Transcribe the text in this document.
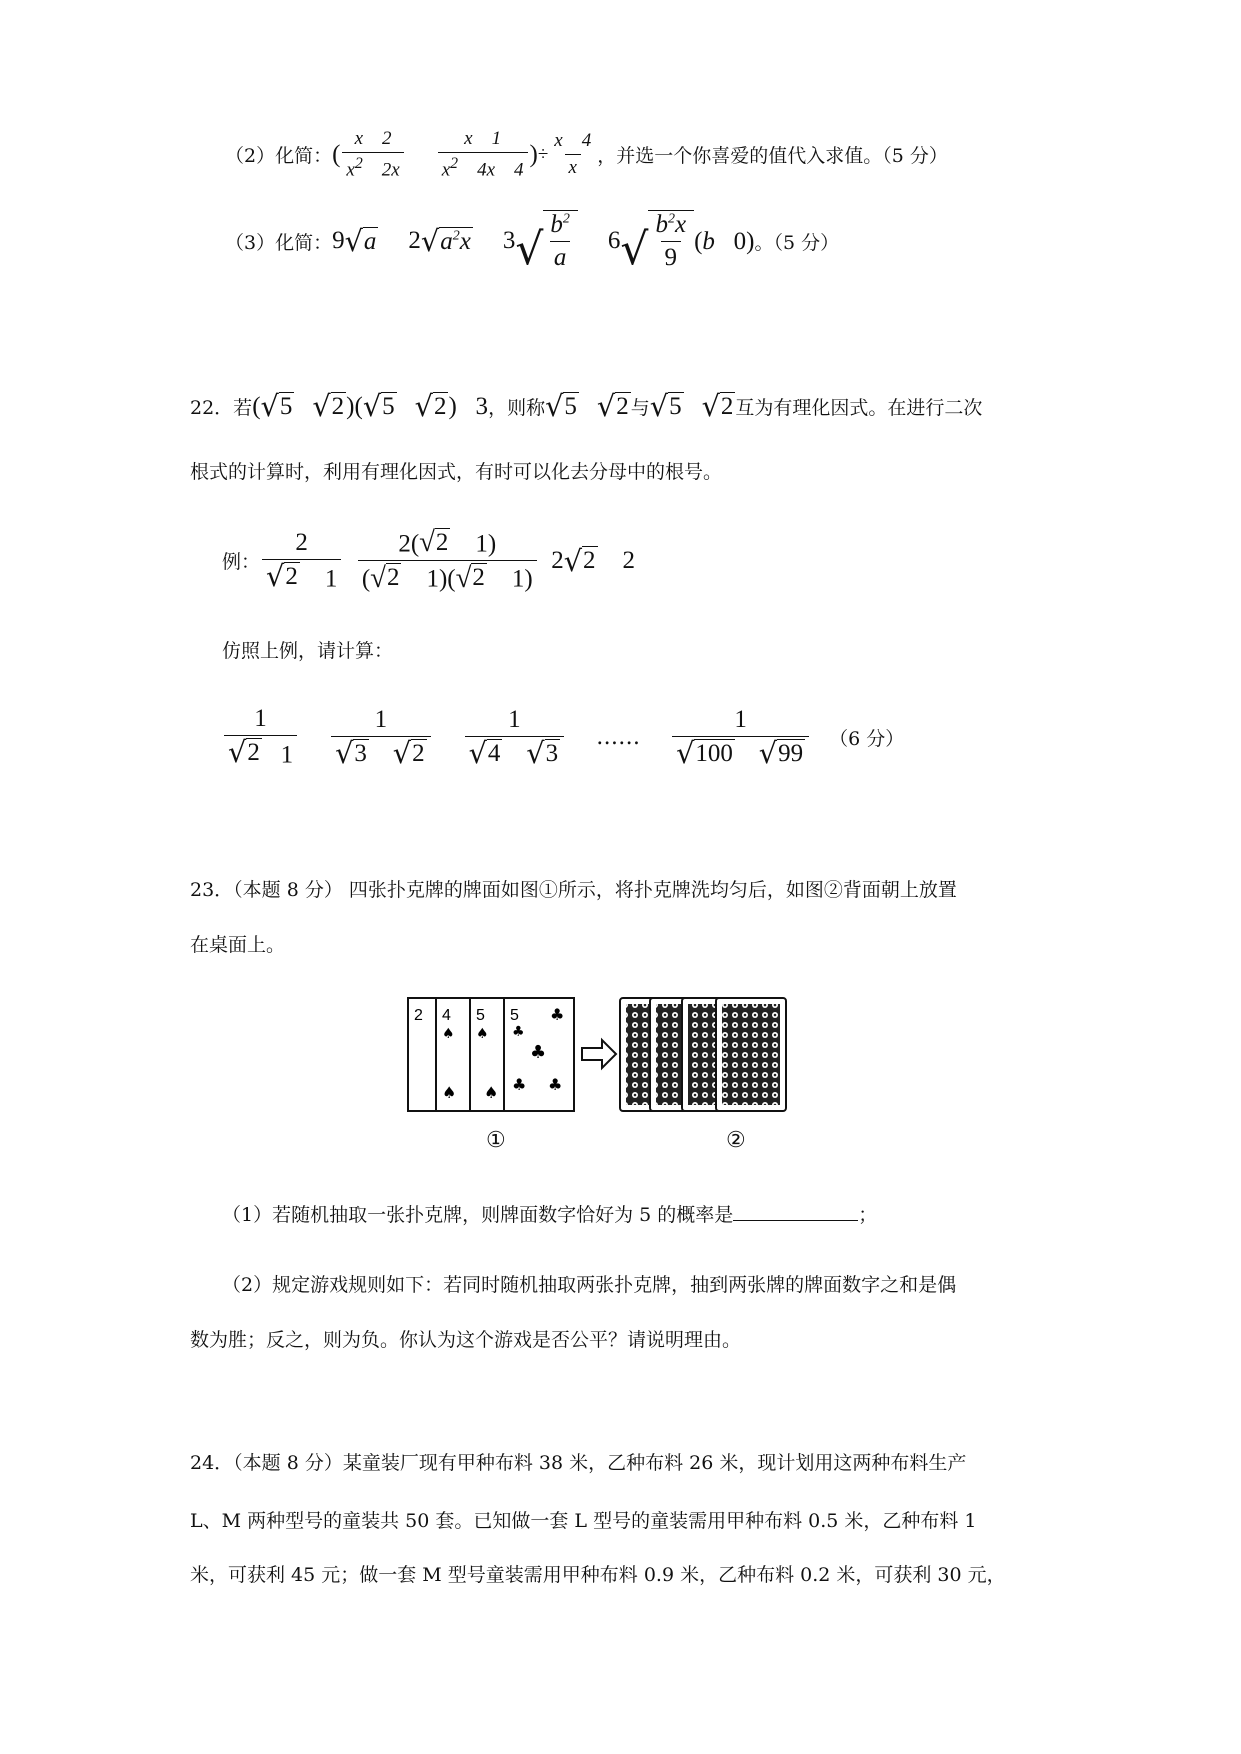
（2）化简： ( $\frac{x 2}{x^2 2x} \frac{x 1}{x^2 4x 4}$ ) ÷ $\frac{x 4}{x}$ ，并选一个你喜爱的值代入求值。（5 分）
（3）化简： 9 √ a 2 √ $a^2x$ 3 √ $\frac{b^2}{a} 6$ √ $\frac{b^2x}{9} (b$   0) 。（5 分）
22．若 ( √ 5 √ 2 )( √ 5 √ 2 )   3 ，则称 √ 5 √ 2 与 √ 5 √ 2 互为有理化因式。在进行二次
根式的计算时，利用有理化因式，有时可以化去分母中的根号。
例： $\frac{2}{√ 2 1}$
$\frac{2( √ 2 1)}{( √ 2 1)( √ 2 1)} 2$ √ 2 2
仿照上例，请计算：
$\frac{1}{√ 2 1} 1$
√ 3
√ 2 1
√ 4
√ 3 …… 1
√ 100
√ 99 （6 分）
23．（本题 8 分） 四张扑克牌的牌面如图①所示，将扑克牌洗均匀后，如图②背面朝上放置
在桌面上。
2 4
♠
♠
5
♠
♠
5
♣
♣
♣
♣ ♣
①	②
（1）若随机抽取一张扑克牌，则牌面数字恰好为 5 的概率是	；
（2）规定游戏规则如下：若同时随机抽取两张扑克牌，抽到两张牌的牌面数字之和是偶
数为胜；反之，则为负。你认为这个游戏是否公平？请说明理由。
24．（本题 8 分）某童装厂现有甲种布料 38 米，乙种布料 26 米，现计划用这两种布料生产
L、M 两种型号的童装共 50 套。已知做一套 L 型号的童装需用甲种布料 0.5 米，乙种布料 1
米，可获利 45 元；做一套 M 型号童装需用甲种布料 0.9 米，乙种布料 0.2 米，可获利 30 元，
